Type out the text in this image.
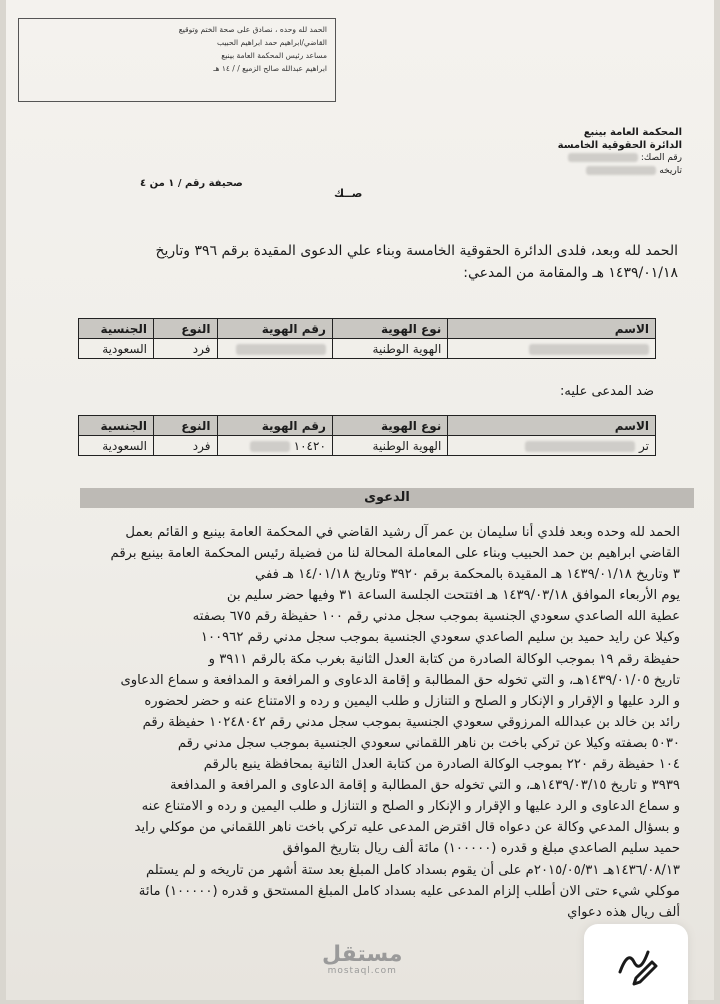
الحمد لله وحده ، نصادق على صحة الختم وتوقيع
القاضي/ابراهيم حمد ابراهيم الحبيب
مساعد رئيس المحكمة العامة بينبع
ابراهيم عبدالله صالح الزميع / / ١٤ هـ
المحكمة العامة بينبع
الدائرة الحقوقية الخامسة
رقم الصك:
تاريخه
صحيفة رقم / ١ من ٤
صــك
الحمد لله وبعد، فلدى الدائرة الحقوقية الخامسة وبناء علي الدعوى المقيدة برقم ٣٩٦ وتاريخ
١٤٣٩/٠١/١٨ هـ والمقامة من المدعي:
الاسم	نوع الهوية	رقم الهوية	النوع	الجنسية
	الهوية الوطنية		فرد	السعودية
ضد المدعى عليه:
الاسم	نوع الهوية	رقم الهوية	النوع	الجنسية
تر	الهوية الوطنية	١٠٤٢٠	فرد	السعودية
الدعوى
الحمد لله وحده وبعد فلدي أنا سليمان بن عمر آل رشيد القاضي في المحكمة العامة بينبع و القائم بعمل
القاضي ابراهيم بن حمد الحبيب وبناء على المعاملة المحالة لنا من فضيلة رئيس المحكمة العامة بينبع برقم
٣ وتاريخ ١٤٣٩/٠١/١٨ هـ المقيدة بالمحكمة برقم ٣٩٢٠ وتاريخ ١٤/٠١/١٨ هـ ففي
يوم الأربعاء الموافق ١٤٣٩/٠٣/١٨ هـ افتتحت الجلسة الساعة ٣١ وفيها حضر سليم بن
عطية الله الصاعدي سعودي الجنسية بموجب سجل مدني رقم ١٠٠ حفيظة رقم ٦٧٥ بصفته
وكيلا عن رايد حميد بن سليم الصاعدي سعودي الجنسية بموجب سجل مدني رقم ١٠٠٩٦٢
حفيظة رقم ١٩ بموجب الوكالة الصادرة من كتابة العدل الثانية بغرب مكة بالرقم ٣٩١١ و
تاريخ ١٤٣٩/٠١/٠٥هـ، و التي تخوله حق المطالبة و إقامة الدعاوى و المرافعة و المدافعة و سماع الدعاوى
و الرد عليها و الإقرار و الإنكار و الصلح و التنازل و طلب اليمين و رده و الامتناع عنه و حضر لحضوره
رائد بن خالد بن عبدالله المرزوقي سعودي الجنسية بموجب سجل مدني رقم ١٠٢٤٨٠٤٢ حفيظة رقم
٥٠٣٠ بصفته وكيلا عن تركي باخت بن ناهر اللقماني سعودي الجنسية بموجب سجل مدني رقم
١٠٤ حفيظة رقم ٢٢٠ بموجب الوكالة الصادرة من كتابة العدل الثانية بمحافظة ينبع بالرقم
٣٩٣٩ و تاريخ ١٤٣٩/٠٣/١٥هـ، و التي تخوله حق المطالبة و إقامة الدعاوى و المرافعة و المدافعة
و سماع الدعاوى و الرد عليها و الإقرار و الإنكار و الصلح و التنازل و طلب اليمين و رده و الامتناع عنه
و بسؤال المدعي وكالة عن دعواه قال اقترض المدعى عليه تركي باخت ناهر اللقماني من موكلي رايد
حميد سليم الصاعدي مبلغ و قدره (١٠٠٠٠٠) مائة ألف ريال بتاريخ الموافق
١٤٣٦/٠٨/١٣هـ ٢٠١٥/٠٥/٣١م على أن يقوم بسداد كامل المبلغ بعد ستة أشهر من تاريخه و لم يستلم
موكلي شيء حتى الان أطلب إلزام المدعى عليه بسداد كامل المبلغ المستحق و قدره (١٠٠٠٠٠) مائة
ألف ريال هذه دعواي
مستقل
mostaql.com
